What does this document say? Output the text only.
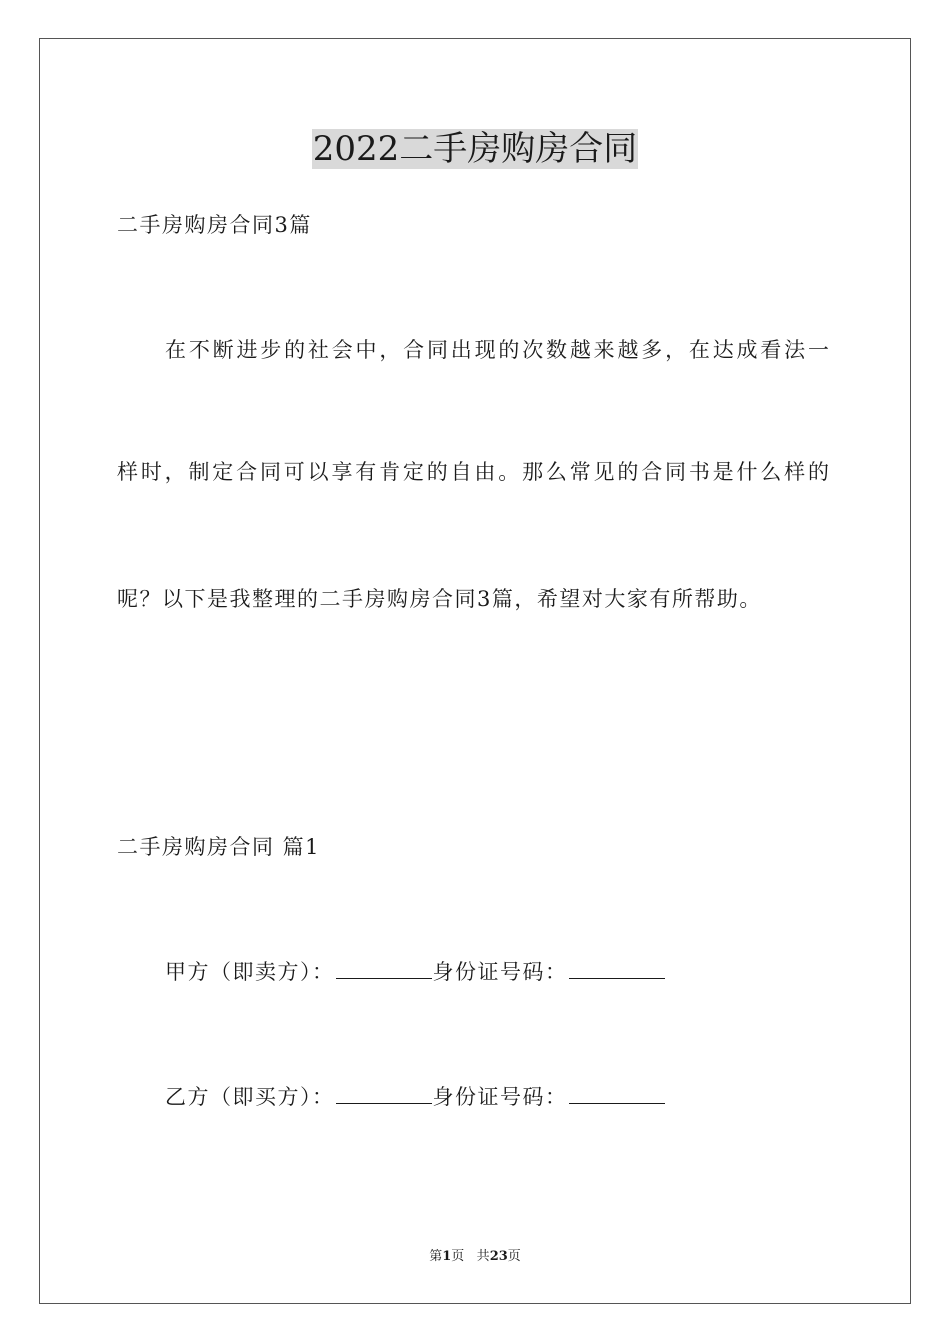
2022二手房购房合同
二手房购房合同3篇
在不断进步的社会中，合同出现的次数越来越多，在达成看法一
样时，制定合同可以享有肯定的自由。那么常见的合同书是什么样的
呢？以下是我整理的二手房购房合同3篇，希望对大家有所帮助。
二手房购房合同 篇1
甲方（即卖方）：	身份证号码：
乙方（即买方）：	身份证号码：
第1页 共23页
